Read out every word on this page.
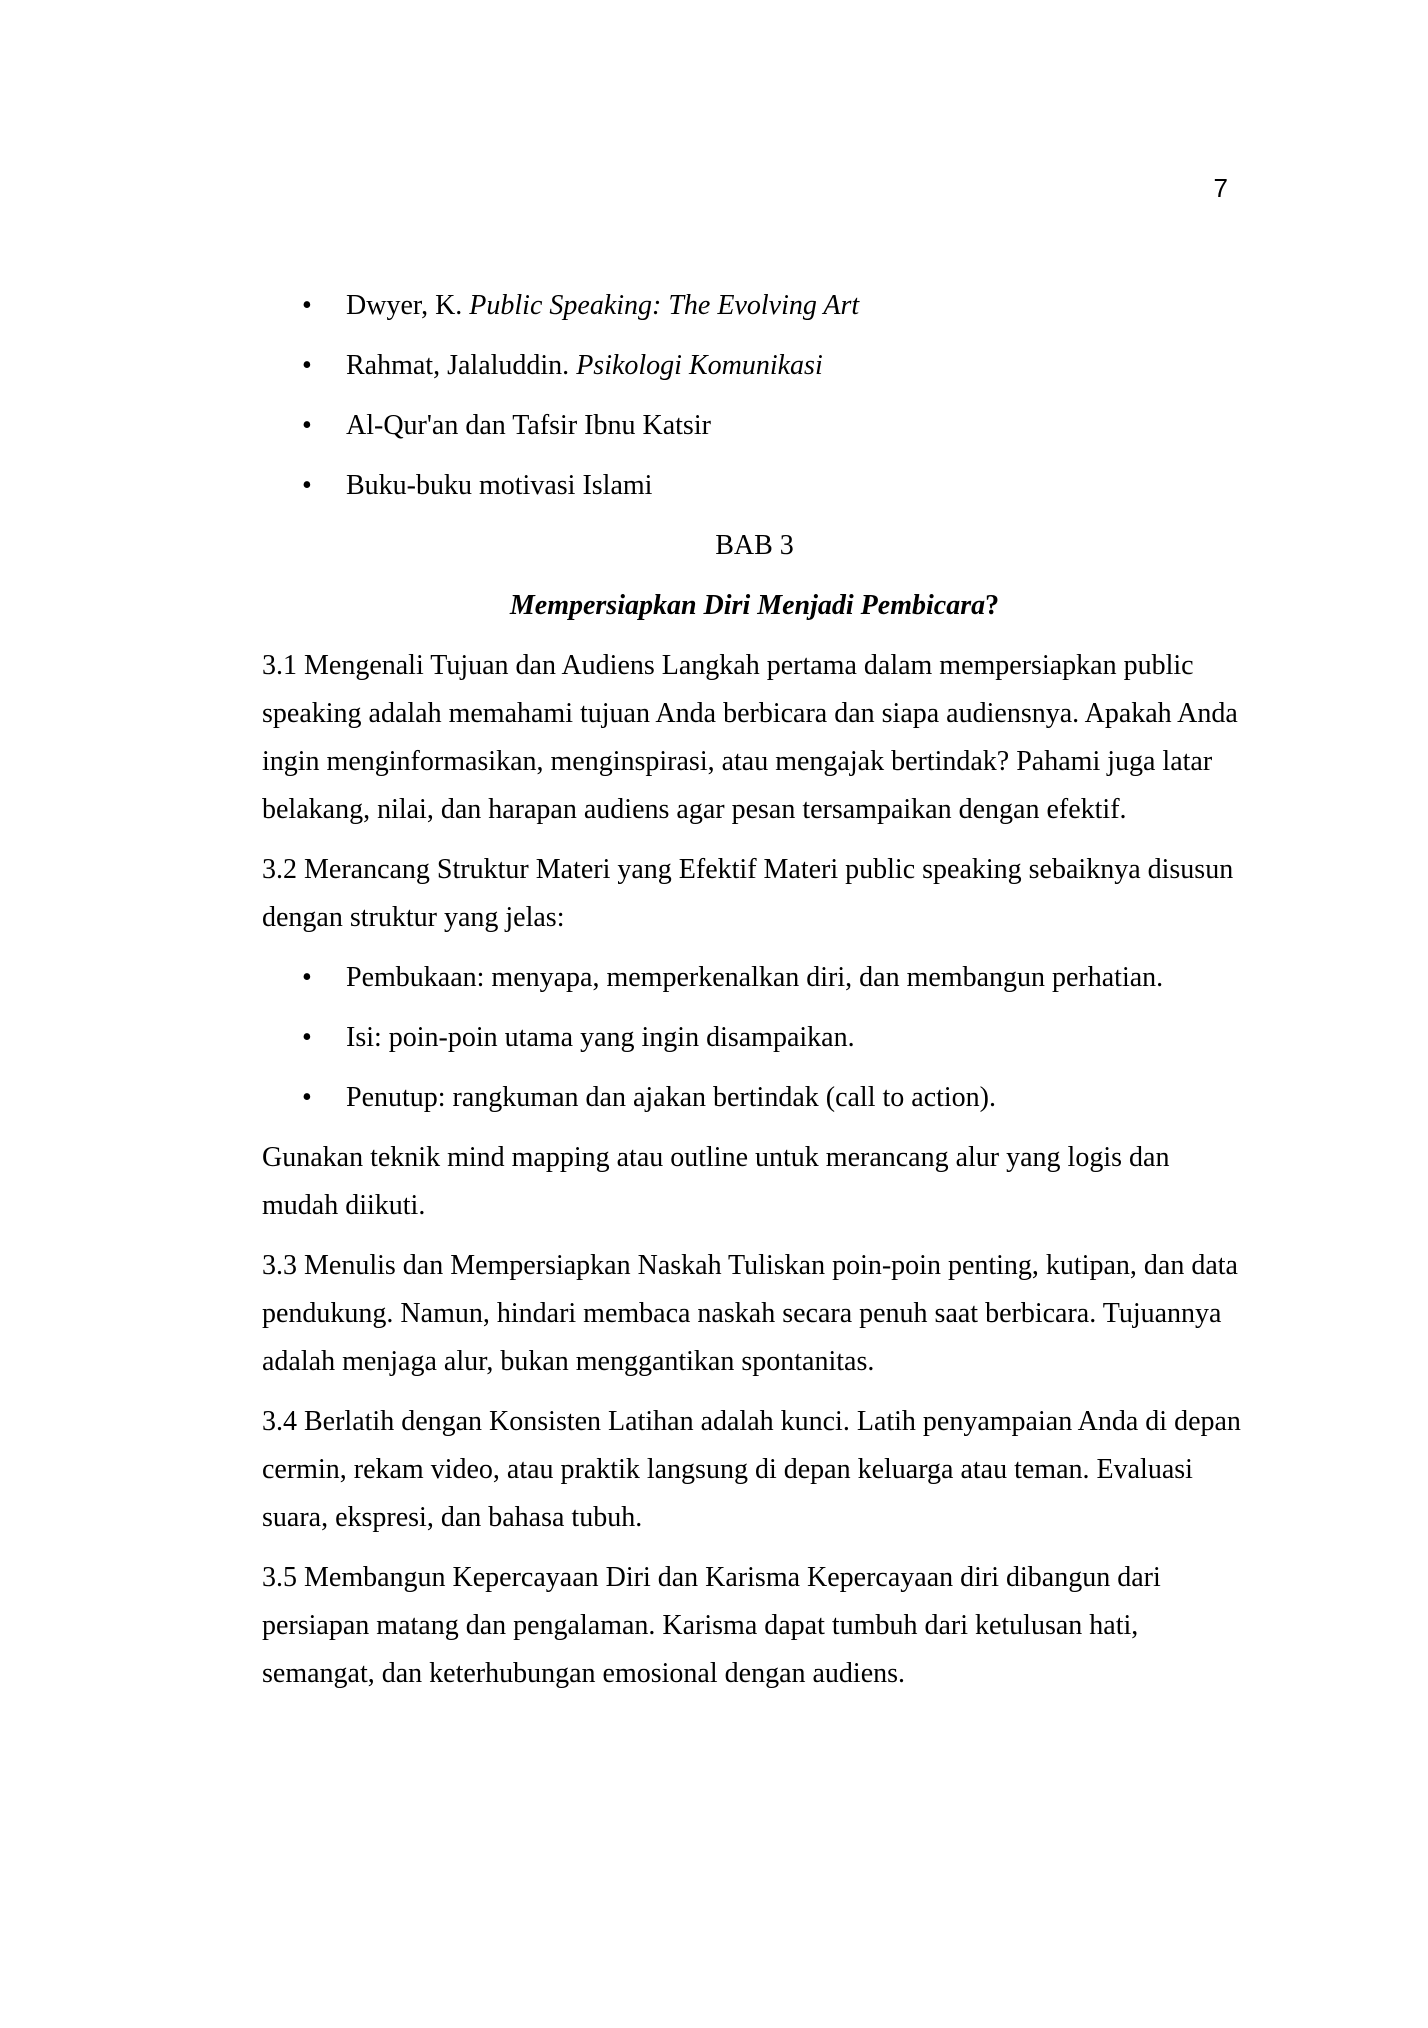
7
• Dwyer, K. Public Speaking: The Evolving Art
• Rahmat, Jalaluddin. Psikologi Komunikasi
• Al-Qur'an dan Tafsir Ibnu Katsir
• Buku-buku motivasi Islami
BAB 3
Mempersiapkan Diri Menjadi Pembicara?

3.1 Mengenali Tujuan dan Audiens Langkah pertama dalam mempersiapkan public speaking adalah memahami tujuan Anda berbicara dan siapa audiensnya. Apakah Anda ingin menginformasikan, menginspirasi, atau mengajak bertindak? Pahami juga latar belakang, nilai, dan harapan audiens agar pesan tersampaikan dengan efektif.

3.2 Merancang Struktur Materi yang Efektif Materi public speaking sebaiknya disusun dengan struktur yang jelas:

• Pembukaan: menyapa, memperkenalkan diri, dan membangun perhatian.
• Isi: poin-poin utama yang ingin disampaikan.
• Penutup: rangkuman dan ajakan bertindak (call to action).

Gunakan teknik mind mapping atau outline untuk merancang alur yang logis dan mudah diikuti.

3.3 Menulis dan Mempersiapkan Naskah Tuliskan poin-poin penting, kutipan, dan data pendukung. Namun, hindari membaca naskah secara penuh saat berbicara. Tujuannya adalah menjaga alur, bukan menggantikan spontanitas.

3.4 Berlatih dengan Konsisten Latihan adalah kunci. Latih penyampaian Anda di depan cermin, rekam video, atau praktik langsung di depan keluarga atau teman. Evaluasi suara, ekspresi, dan bahasa tubuh.

3.5 Membangun Kepercayaan Diri dan Karisma Kepercayaan diri dibangun dari persiapan matang dan pengalaman. Karisma dapat tumbuh dari ketulusan hati, semangat, dan keterhubungan emosional dengan audiens.
